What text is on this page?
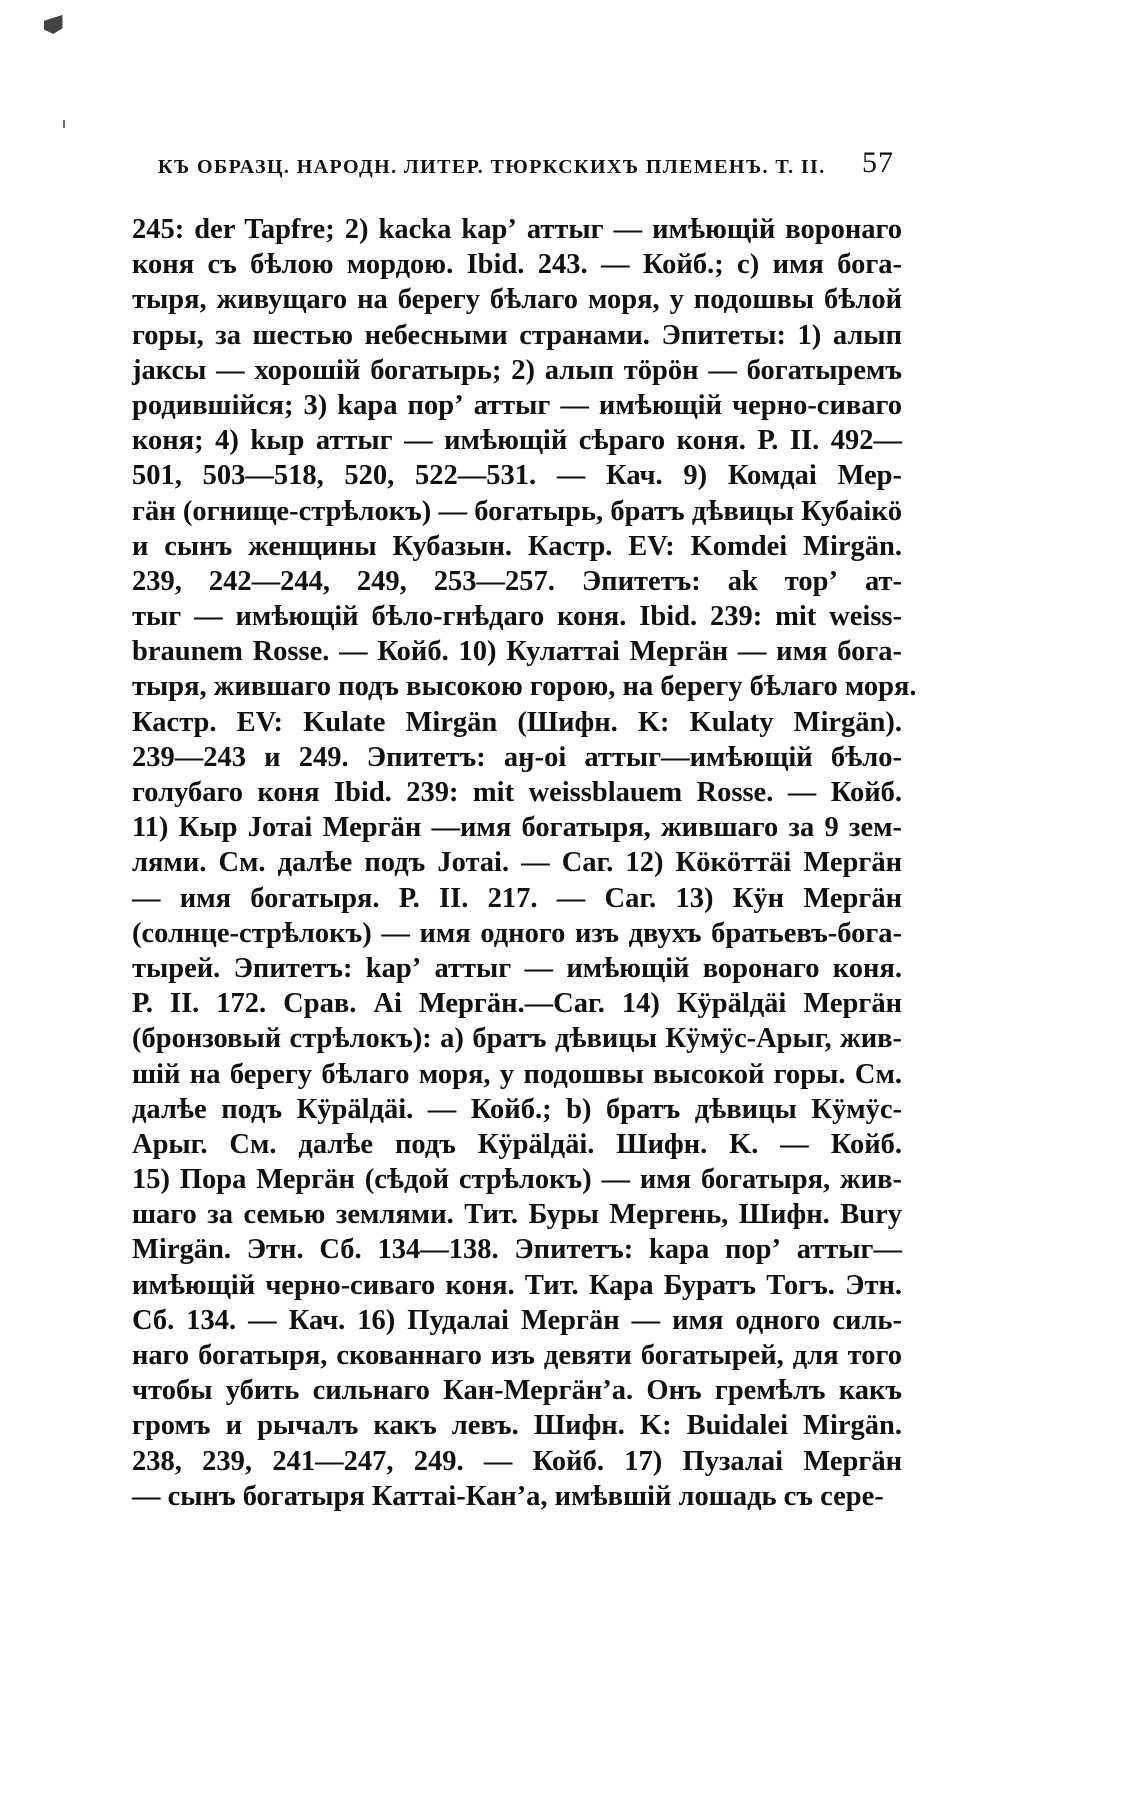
КЪ ОБРАЗЦ. НАРОДН. ЛИТЕР. ТЮРКСКИХЪ ПЛЕМЕНЪ. Т. II. 57
245: der Tapfre; 2) kacka kapʼ аттыг — имѣющій воронаго
коня съ бѣлою мордою. Ibid. 243. — Койб.; c) имя бога-
тыря, живущаго на берегу бѣлаго моря, у подошвы бѣлой
горы, за шестью небесными странами. Эпитеты: 1) алып
jaксы — хорошій богатырь; 2) алып тӧрӧн — богатыремъ
родившійся; 3) kapa порʼ аттыг — имѣющій черно-сиваго
коня; 4) kыр аттыг — имѣющій сѣраго коня. Р. II. 492—
501, 503—518, 520, 522—531. — Кач. 9) Комдаі Мер-
гӓн (огнище-стрѣлокъ) — богатырь, братъ дѣвицы Кубаікӧ
и сынъ женщины Кубазын. Кастр. EV: Komdei Mirgän.
239, 242—244, 249, 253—257. Эпитетъ: ak торʼ ат-
тыг — имѣющій бѣло-гнѣдаго коня. Ibid. 239: mit weiss-
braunem Rosse. — Койб. 10) Кулаттаі Мергӓн — имя бога-
тыря, жившаго подъ высокою горою, на берегу бѣлаго моря.
Кастр. EV: Kulate Mirgän (Шифн. K: Kulaty Mirgän).
239—243 и 249. Эпитетъ: аӈ-оі аттыг—имѣющій бѣло-
голубаго коня Ibid. 239: mit weissblauem Rosse. — Койб.
11) Кыр Јотаі Мергӓн —имя богатыря, жившаго за 9 зем-
лями. См. далѣе подъ Јотаі. — Саг. 12) Кӧкӧттӓі Мергӓн
— имя богатыря. Р. II. 217. — Саг. 13) Кӱн Мергӓн
(солнце-стрѣлокъ) — имя одного изъ двухъ братьевъ-бога-
тырей. Эпитетъ: kapʼ аттыг — имѣющій воронаго коня.
Р. II. 172. Срав. Аі Мергӓн.—Саг. 14) Кӱрӓlдӓі Мергӓн
(бронзовый стрѣлокъ): a) братъ дѣвицы Кӱмӱс-Арыг, жив-
шій на берегу бѣлаго моря, у подошвы высокой горы. См.
далѣе подъ Кӱрӓlдӓі. — Койб.; b) братъ дѣвицы Кӱмӱс-
Арыг. См. далѣе подъ Кӱрӓlдӓі. Шифн. K. — Койб.
15) Пора Мергӓн (сѣдой стрѣлокъ) — имя богатыря, жив-
шаго за семью землями. Тит. Буры Мергень, Шифн. Bury
Mirgän. Этн. Сб. 134—138. Эпитетъ: kapa порʼ аттыг—
имѣющій черно-сиваго коня. Тит. Кара Буратъ Тогъ. Этн.
Сб. 134. — Кач. 16) Пудалаі Мергӓн — имя одного силь-
наго богатыря, скованнаго изъ девяти богатырей, для того
чтобы убить сильнаго Кан-Мергӓнʼа. Онъ гремѣлъ какъ
громъ и рычалъ какъ левъ. Шифн. K: Buidalei Mirgän.
238, 239, 241—247, 249. — Койб. 17) Пузалаі Мергӓн
— сынъ богатыря Каттаі-Канʼа, имѣвшій лошадь съ сере-
